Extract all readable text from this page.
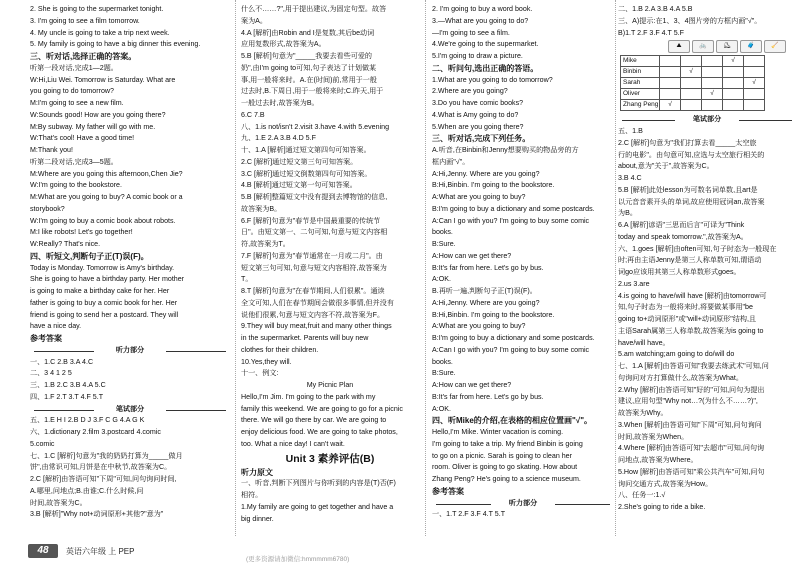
2. She is going to the supermarket tonight.
3. I'm going to see a film tomorrow.
4. My uncle is going to take a trip next week.
5. My family is going to have a big dinner this evening.
三、听对话,选择正确的答案。
听第一段对话,完成1—2题。
W:Hi,Liu Wei. Tomorrow is Saturday. What are
you going to do tomorrow?
M:I'm going to see a new film.
W:Sounds good! How are you going there?
M:By subway. My father will go with me.
W:That's cool! Have a good time!
M:Thank you!
听第二段对话,完成3—5题。
M:Where are you going this afternoon,Chen Jie?
W:I'm going to the bookstore.
M:What are you going to buy? A comic book or a
storybook?
W:I'm going to buy a comic book about robots.
M:I like robots! Let's go together!
W:Really? That's nice.
四、听短文,判断句子正(T)误(F)。
Today is Monday. Tomorrow is Amy's birthday.
She is going to have a birthday party. Her mother
is going to make a birthday cake for her. Her
father is going to buy a comic book for her. Her
friend is going to send her a postcard. They will
have a nice day.
参考答案
听力部分
一、1.C 2.B 3.A 4.C
二、3 4 1 2 5
三、1.B 2.C 3.B 4.A 5.C
四、1.F 2.T 3.T 4.F 5.T
笔试部分
五、1.E H I 2.B D J 3.F C G 4.A G K
六、1.dictionary 2.film 3.postcard 4.comic
5.comic
七、1.C [解析]句意为"我的奶奶打算为_____做月
饼",由常识可知,月饼是在中秋节,故答案为C。
2.C [解析]由答语可知"下周"可知,问句询问时间,
A.哪里,问地点;B.由谁;C.什么时候,问
时间,故答案为C。
3.B [解析]"Why not+动词原形+其他?"意为"
什么不……?",用于提出建议,为固定句型。故答
案为A。
4.A [解析]由Robin and I是复数,其后be动词
应用复数形式,故答案为A。
5.B [解析]句意为"_____我要去看些可爱的
奶",由I'm going to可知,句子表达了计划做某
事,用一般将来时。A.在(时间)前,常用于一般
过去时,B.下周日,用于一般将来时;C.昨天,用于
一般过去时,故答案为B。
6.C 7.B
八、1.is not/isn't 2.visit 3.have 4.with 5.evening
九、1.E 2.A 3.B 4.D 5.F
十、1.A [解析]通过短文第四句可知答案。
2.C [解析]通过短文第三句可知答案。
3.C [解析]通过短文倒数第四句可知答案。
4.B [解析]通过短文第一句可知答案。
5.B [解析]整篇短文中没有提到去博物馆的信息,
故答案为B。
6.F [解析]句意为"春节是中国最重要的传统节
日"。由短文第一、二句可知,句意与短文内容相
符,故答案为T。
7.F [解析]句意为"春节通常在一月或二月"。由
短文第三句可知,句意与短文内容相符,故答案为
T。
8.T [解析]句意为"在春节期间,人们很累"。通读
全文可知,人们在春节期间会做很多事情,但并没有
说他们很累,句意与短文内容不符,故答案为F。
9.They will buy meat,fruit and many other things
in the supermarket. Parents will buy new
clothes for their children.
10.Yes,they will.
十一、例文:
My Picnic Plan
Hello,I'm Jim. I'm going to the park with my
family this weekend. We are going to go for a picnic
there. We will go there by car. We are going to
enjoy delicious food. We are going to take photos,
too. What a nice day! I can't wait.
Unit 3 素养评估(B)
听力原文
一、听音,判断下列图片与你听到的内容是(T)否(F)
相符。
1.My family are going to get together and have a
big dinner.
2. I'm going to buy a word book.
3.—What are you going to do?
—I'm going to see a film.
4.We're going to the supermarket.
5.I'm going to draw a picture.
二、听问句,选出正确的答语。
1.What are you going to do tomorrow?
2.Where are you going?
3.Do you have comic books?
4.What is Amy going to do?
5.When are you going there?
三、听对话,完成下列任务。
A.听音,在Binbin和Jenny想要购买的物品旁的方
框内画"√"。
A:Hi,Jenny. Where are you going?
B:Hi,Binbin. I'm going to the bookstore.
A:What are you going to buy?
B:I'm going to buy a dictionary and some postcards.
A:Can I go with you? I'm going to buy some comic
books.
B:Sure.
A:How can we get there?
B:It's far from here. Let's go by bus.
A:OK.
B.再听一遍,判断句子正(T)误(F)。
A:Hi,Jenny. Where are you going?
B:Hi,Binbin. I'm going to the bookstore.
A:What are you going to buy?
B:I'm going to buy a dictionary and some postcards.
A:Can I go with you? I'm going to buy some comic
books.
B:Sure.
A:How can we get there?
B:It's far from here. Let's go by bus.
A:OK.
四、听Mike的介绍,在表格的相应位置画"√"。
Hello,I'm Mike. Winter vacation is coming.
I'm going to take a trip. My friend Binbin is going
to go on a picnic. Sarah is going to clean her
room. Oliver is going to go skating. How about
Zhang Peng? He's going to a science museum.
参考答案
听力部分
一、1.T 2.F 3.F 4.T 5.T
二、1.B 2.A 3.B 4.A 5.B
三、A)提示:在1、3、4图片旁的方框内画"√"。
B)1.T 2.F 3.F 4.T 5.F
⛰	🚲	⛸	🧳	🧹
Mike				√	
Binbin		√			
Sarah					√
Oliver			√		
Zhang Peng	√				
笔试部分
五、1.B
2.C [解析]句意为"我们打算去看_____太空旅
行的电影"。由句意可知,应选与太空旅行相关的
about,意为"关于",故答案为C。
3.B 4.C
5.B [解析]此处lesson为可数名词单数,且art是
以元音音素开头的单词,故应使用冠词an,故答案
为B。
6.A [解析]谚语"三思而后言"可译为"Think
today and speak tomorrow.",故答案为A。
六、1.goes [解析]由often可知,句子时态为一般现在
时;再由主语Jenny是第三人称单数可知,谓语动
词go应该用其第三人称单数形式goes。
2.us 3.are
4.is going to have/will have [解析]由tomorrow可
知,句子时态为一般将来时,将要做某事用"be
going to+动词原形"或"will+动词原形"结构,且
主语Sarah属第三人称单数,故答案为is going to
have/will have。
5.am watching;am going to do/will do
七、1.A [解析]由答语可知"我要去练武术"可知,问
句询问对方打算做什么,故答案为What。
2.Why [解析]由答语可知"好的"可知,问句为提出
建议,应用句型"Why not…?(为什么不……?)",
故答案为Why。
3.When [解析]由答语可知"下周"可知,问句询问
时间,故答案为When。
4.Where [解析]由答语可知"去超市"可知,问句询
问地点,故答案为Where。
5.How [解析]由答语可知"乘公共汽车"可知,问句
询问交通方式,故答案为How。
八、任务一:1.√
2.She's going to ride a bike.
48	英语六年级 上 PEP
(更多资源请加微信:hmmmmm6780)
